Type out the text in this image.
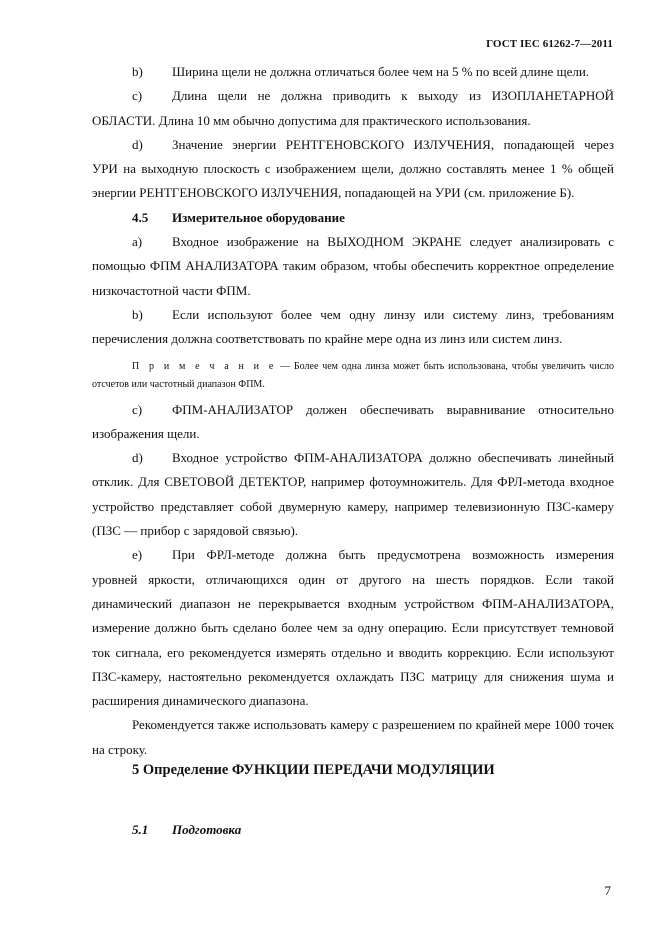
ГОСТ IEC 61262-7—2011
b) Ширина щели не должна отличаться более чем на 5 % по всей длине щели.
c) Длина щели не должна приводить к выходу из ИЗОПЛАНЕТАРНОЙ
ОБЛАСТИ. Длина 10 мм обычно допустима для практического использования.
d) Значение энергии РЕНТГЕНОВСКОГО ИЗЛУЧЕНИЯ, попадающей через
УРИ на выходную плоскость с изображением щели, должно составлять менее 1 % общей энергии РЕНТГЕНОВСКОГО ИЗЛУЧЕНИЯ, попадающей на УРИ (см. приложение Б).
4.5 Измерительное оборудование
a) Входное изображение на ВЫХОДНОМ ЭКРАНЕ следует анализировать с
помощью ФПМ АНАЛИЗАТОРА таким образом, чтобы обеспечить корректное определение низкочастотной части ФПМ.
b) Если используют более чем одну линзу или систему линз, требованиям
перечисления должна соответствовать по крайне мере одна из линз или систем линз.
П р и м е ч а н и е — Более чем одна линза может быть использована, чтобы увеличить число отсчетов или частотный диапазон ФПМ.
c) ФПМ-АНАЛИЗАТОР должен обеспечивать выравнивание относительно
изображения щели.
d) Входное устройство ФПМ-АНАЛИЗАТОРА должно обеспечивать линейный
отклик. Для СВЕТОВОЙ ДЕТЕКТОР, например фотоумножитель. Для ФРЛ-метода входное устройство представляет собой двумерную камеру, например телевизионную ПЗС-камеру (ПЗС — прибор с зарядовой связью).
e) При ФРЛ-методе должна быть предусмотрена возможность измерения
уровней яркости, отличающихся один от другого на шесть порядков. Если такой динамический диапазон не перекрывается входным устройством ФПМ-АНАЛИЗАТОРА, измерение должно быть сделано более чем за одну операцию. Если присутствует темновой ток сигнала, его рекомендуется измерять отдельно и вводить коррекцию. Если используют ПЗС-камеру, настоятельно рекомендуется охлаждать ПЗС матрицу для снижения шума и расширения динамического диапазона.
Рекомендуется также использовать камеру с разрешением по крайней мере 1000 точек на строку.
5 Определение ФУНКЦИИ ПЕРЕДАЧИ МОДУЛЯЦИИ
5.1 Подготовка
7
